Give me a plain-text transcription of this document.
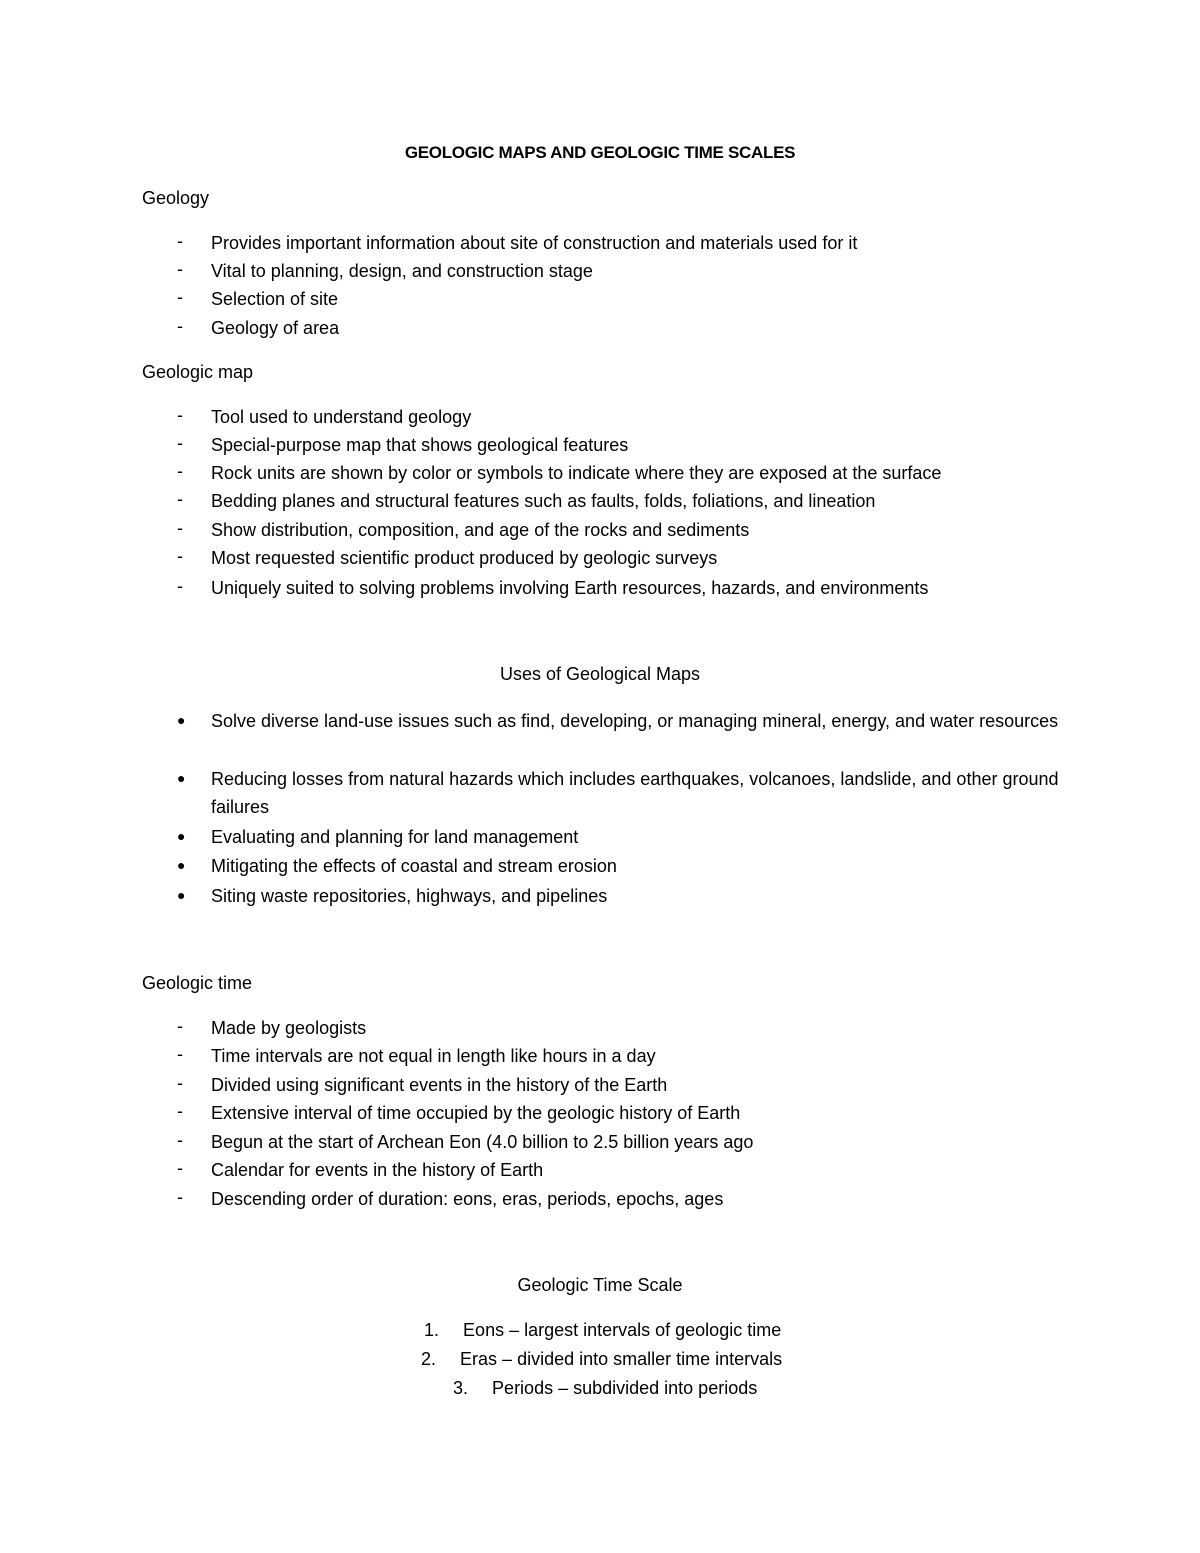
GEOLOGIC MAPS AND GEOLOGIC TIME SCALES
Geology
- Provides important information about site of construction and materials used for it
- Vital to planning, design, and construction stage
- Selection of site
- Geology of area
Geologic map
- Tool used to understand geology
- Special-purpose map that shows geological features
- Rock units are shown by color or symbols to indicate where they are exposed at the surface
- Bedding planes and structural features such as faults, folds, foliations, and lineation
- Show distribution, composition, and age of the rocks and sediments
- Most requested scientific product produced by geologic surveys
- Uniquely suited to solving problems involving Earth resources, hazards, and environments
Uses of Geological Maps
● Solve diverse land-use issues such as find, developing, or managing mineral, energy, and water resources
● Reducing losses from natural hazards which includes earthquakes, volcanoes, landslide, and other ground failures
● Evaluating and planning for land management
● Mitigating the effects of coastal and stream erosion
● Siting waste repositories, highways, and pipelines
Geologic time
- Made by geologists
- Time intervals are not equal in length like hours in a day
- Divided using significant events in the history of the Earth
- Extensive interval of time occupied by the geologic history of Earth
- Begun at the start of Archean Eon (4.0 billion to 2.5 billion years ago
- Calendar for events in the history of Earth
- Descending order of duration: eons, eras, periods, epochs, ages
Geologic Time Scale
1. Eons – largest intervals of geologic time
2. Eras – divided into smaller time intervals
3. Periods – subdivided into periods
